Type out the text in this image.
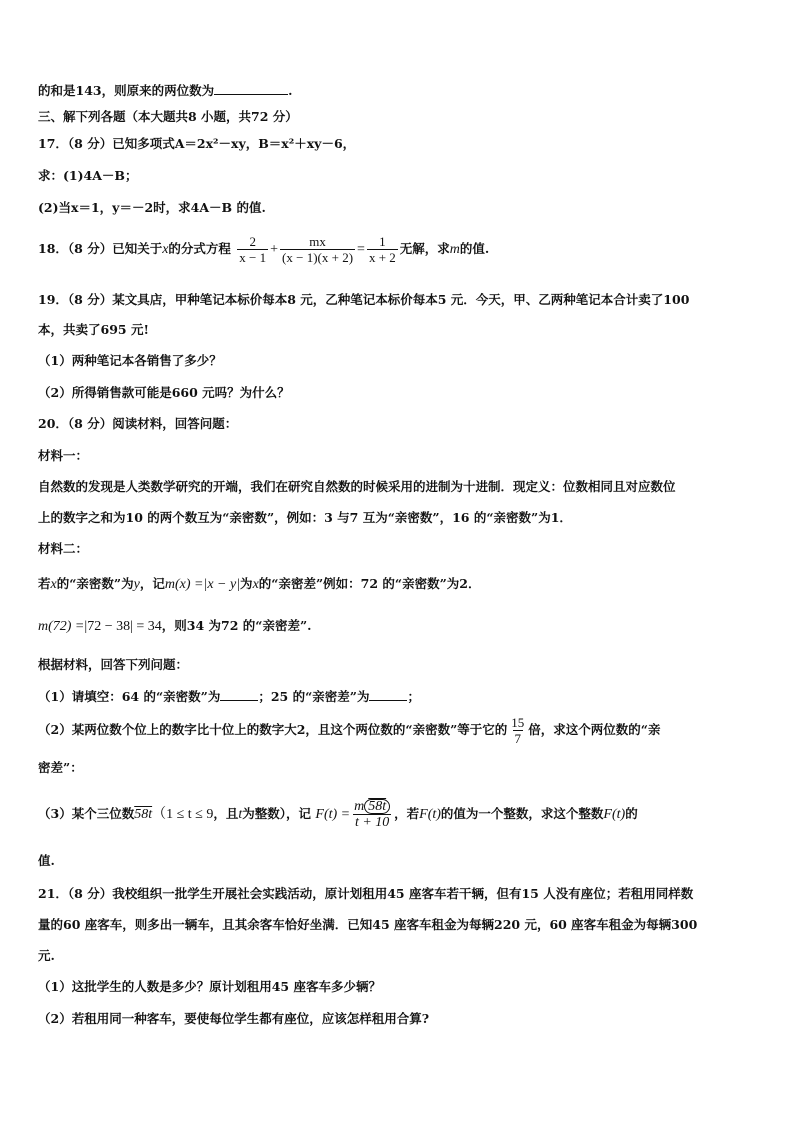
的和是143，则原来的两位数为	.
三、解下列各题（本大题共8 小题，共72 分）
17．（8 分）已知多项式A＝2x²－xy，B＝x²＋xy－6，
求：(1)4A－B；
(2)当x＝1，y＝－2时，求4A－B 的值.
18．（8 分）已知关于x的分式方程 $\frac{2}{x - 1} + \frac{mx}{(x - 1)(x + 2)} = \frac{1}{x + 2}$ 无解，求m的值.
19．（8 分）某文具店，甲种笔记本标价每本8 元，乙种笔记本标价每本5 元．今天，甲、乙两种笔记本合计卖了100
本，共卖了695 元!
（1）两种笔记本各销售了多少？
（2）所得销售款可能是660 元吗？为什么？
20．（8 分）阅读材料，回答问题：
材料一：
自然数的发现是人类数学研究的开端，我们在研究自然数的时候采用的进制为十进制．现定义：位数相同且对应数位
上的数字之和为10 的两个数互为“亲密数”，例如：3 与7 互为“亲密数”，16 的“亲密数”为1．
材料二：
若x的“亲密数”为y，记m(x) =|x − y|为x的“亲密差”例如：72 的“亲密数”为2．
m(72) =|72 − 38| = 34，则34 为72 的“亲密差”.
根据材料，回答下列问题：
（1）请填空：64 的“亲密数”为	；25 的“亲密差”为	；
（2）某两位数个位上的数字比十位上的数字大2，且这个两位数的“亲密数”等于它的 $\frac{15}{7}$ 倍，求这个两位数的“亲
密差”：
（3）某个三位数58t（1 ≤ t ≤ 9，且t为整数），记 $F(t) = \frac{m 58t}{t + 10}$ ，若F(t)的值为一个整数，求这个整数F(t)的
值.
21．（8 分）我校组织一批学生开展社会实践活动，原计划租用45 座客车若干辆，但有15 人没有座位；若租用同样数
量的60 座客车，则多出一辆车，且其余客车恰好坐满．已知45 座客车租金为每辆220 元，60 座客车租金为每辆300
元.
（1）这批学生的人数是多少？原计划租用45 座客车多少辆？
（2）若租用同一种客车，要使每位学生都有座位，应该怎样租用合算?
